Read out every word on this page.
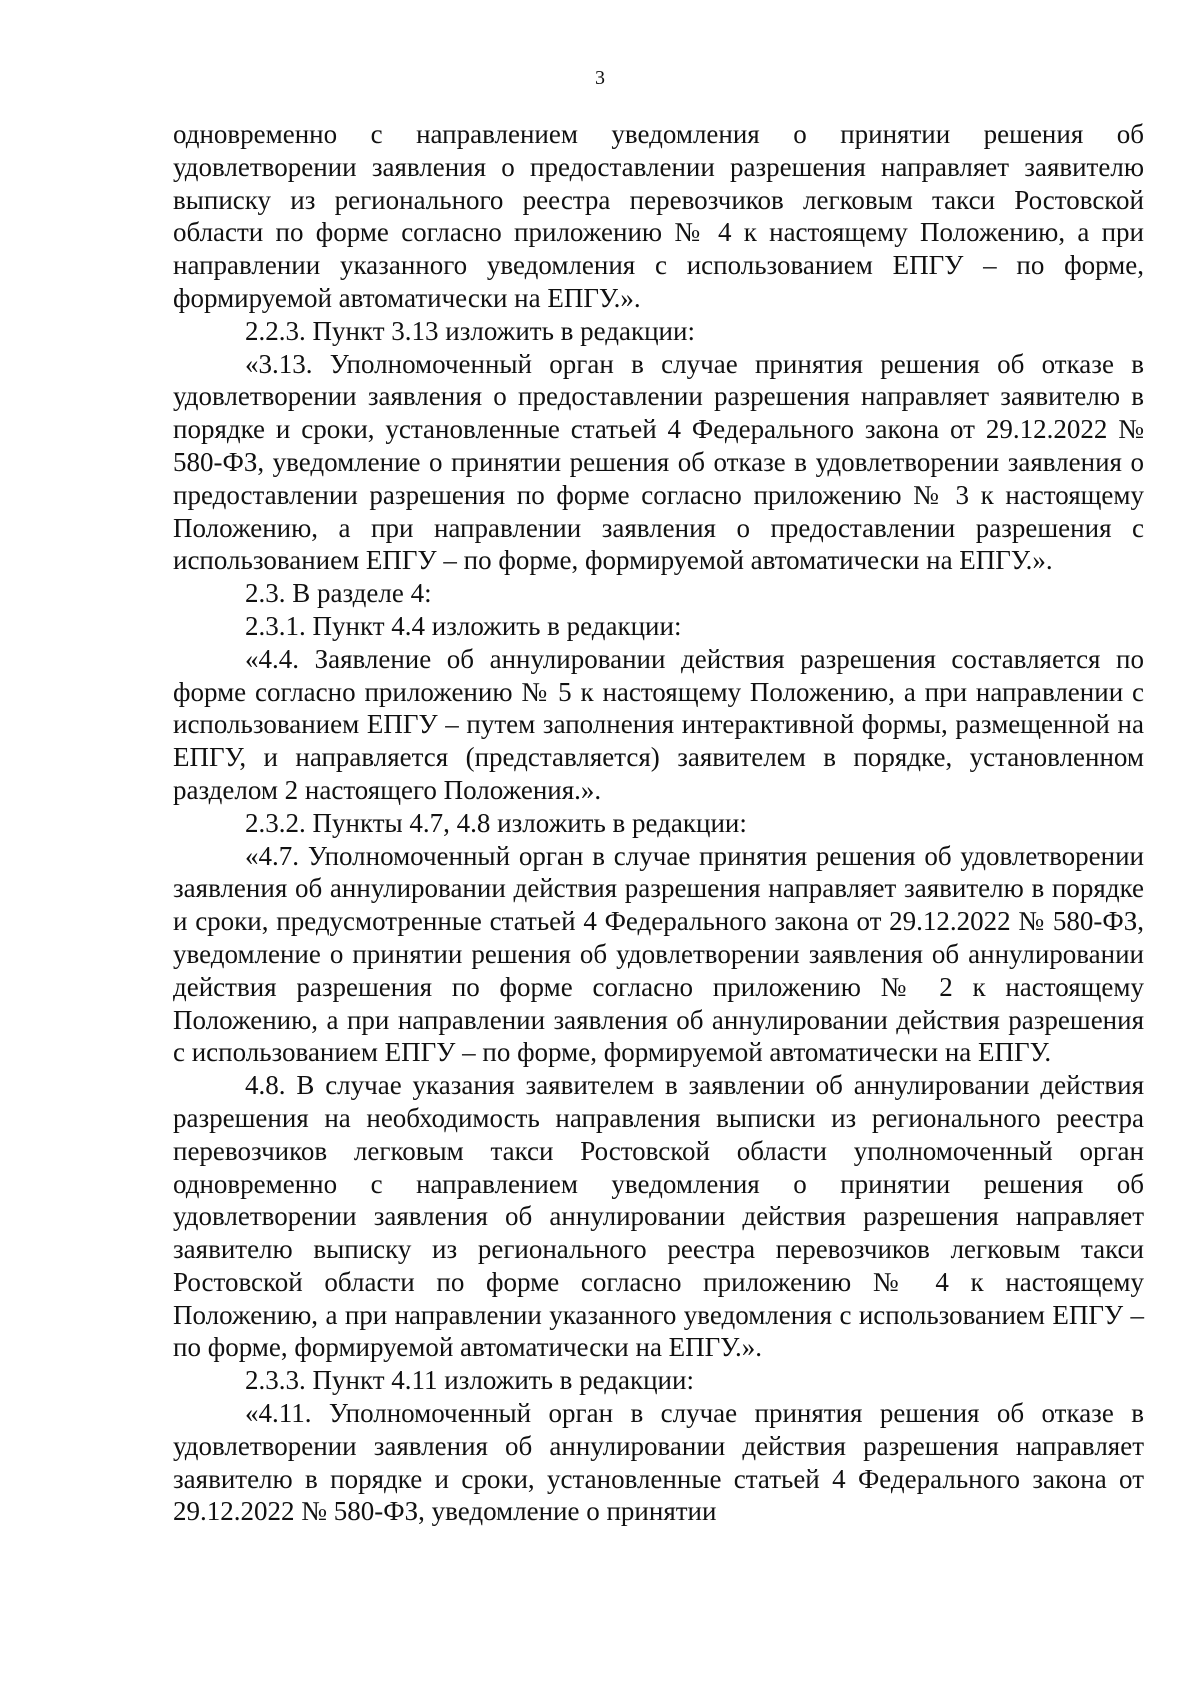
3

одновременно с направлением уведомления о принятии решения об удовлетворении заявления о предоставлении разрешения направляет заявителю выписку из регионального реестра перевозчиков легковым такси Ростовской области по форме согласно приложению № 4 к настоящему Положению, а при направлении указанного уведомления с использованием ЕПГУ – по форме, формируемой автоматически на ЕПГУ.».

2.2.3. Пункт 3.13 изложить в редакции:

«3.13. Уполномоченный орган в случае принятия решения об отказе в удовлетворении заявления о предоставлении разрешения направляет заявителю в порядке и сроки, установленные статьей 4 Федерального закона от 29.12.2022 № 580-ФЗ, уведомление о принятии решения об отказе в удовлетворении заявления о предоставлении разрешения по форме согласно приложению № 3 к настоящему Положению, а при направлении заявления о предоставлении разрешения с использованием ЕПГУ – по форме, формируемой автоматически на ЕПГУ.».

2.3. В разделе 4:

2.3.1. Пункт 4.4 изложить в редакции:

«4.4. Заявление об аннулировании действия разрешения составляется по форме согласно приложению № 5 к настоящему Положению, а при направлении с использованием ЕПГУ – путем заполнения интерактивной формы, размещенной на ЕПГУ, и направляется (представляется) заявителем в порядке, установленном разделом 2 настоящего Положения.».

2.3.2. Пункты 4.7, 4.8 изложить в редакции:

«4.7. Уполномоченный орган в случае принятия решения об удовлетворении заявления об аннулировании действия разрешения направляет заявителю в порядке и сроки, предусмотренные статьей 4 Федерального закона от 29.12.2022 № 580-ФЗ, уведомление о принятии решения об удовлетворении заявления об аннулировании действия разрешения по форме согласно приложению № 2 к настоящему Положению, а при направлении заявления об аннулировании действия разрешения с использованием ЕПГУ – по форме, формируемой автоматически на ЕПГУ.

4.8. В случае указания заявителем в заявлении об аннулировании действия разрешения на необходимость направления выписки из регионального реестра перевозчиков легковым такси Ростовской области уполномоченный орган одновременно с направлением уведомления о принятии решения об удовлетворении заявления об аннулировании действия разрешения направляет заявителю выписку из регионального реестра перевозчиков легковым такси Ростовской области по форме согласно приложению № 4 к настоящему Положению, а при направлении указанного уведомления с использованием ЕПГУ – по форме, формируемой автоматически на ЕПГУ.».

2.3.3. Пункт 4.11 изложить в редакции:

«4.11. Уполномоченный орган в случае принятия решения об отказе в удовлетворении заявления об аннулировании действия разрешения направляет заявителю в порядке и сроки, установленные статьей 4 Федерального закона от 29.12.2022 № 580-ФЗ, уведомление о принятии
